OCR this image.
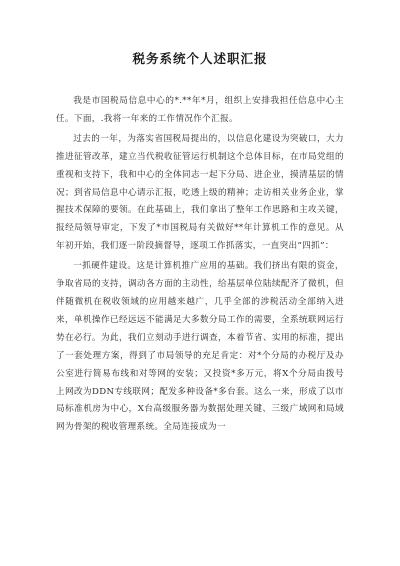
税务系统个人述职汇报

我是市国税局信息中心的*.**年*月，组织上安排我担任信息中心主任。下面，.我将一年来的工作情况作个汇报。

过去的一年，为落实省国税局提出的，以信息化建设为突破口，大力推进征管改革，建立当代税收征管运行机制这个总体目标，在市局党组的重视和支持下，我和中心的全体同志一起下分局、进企业，摸清基层的情况；到省局信息中心请示汇报，吃透上级的精神；走访相关业务企业，掌握技术保障的要领。在此基础上，我们拿出了整年工作思路和主攻关键，报经局领导审定，下发了*市国税局有关做好**年计算机工作的意见。从年初开始，我们逐一阶段摘督导，逐项工作抓落实，一直突出”四抓”：

一抓硬件建设。这是计算机推广应用的基础。我们挤出有限的资金，争取省局的支持，调动各方面的主动性，给基层单位陆续配齐了微机，但伴随微机在税收领域的应用越来越广，几乎全部的涉税活动全部纳入进来，单机操作已经远远不能满足大多数分局工作的需要，全系统联网运行势在必行。为此，我们立刻动手进行调查，本着节省、实用的标准，提出了一套处理方案，得到了市局领导的充足肯定：对*个分局的办税厅及办公室进行简易布线和对等网的安装；又投资*多万元，将X个分局由拨号上网改为DDN专线联网；配发多种设备*多台套。这么一来，形成了以市局标准机房为中心，X台高级服务器为数据处理关键、三级广域网和局域网为骨架的税收管理系统。全局连接成为一
